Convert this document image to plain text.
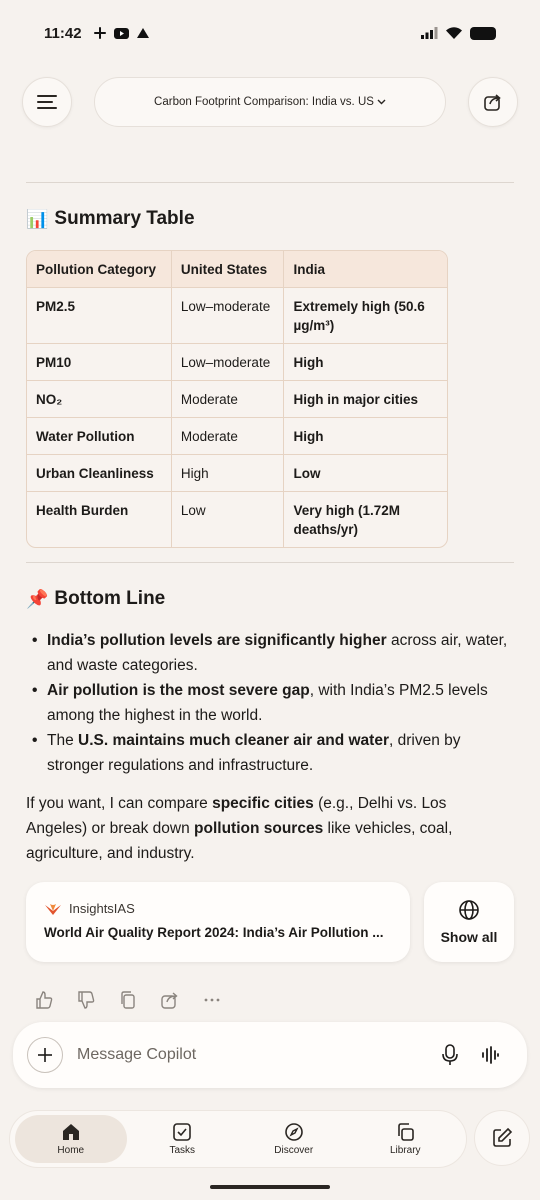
11:42
Carbon Footprint Comparison: India vs. US
📊 Summary Table
Pollution Category	United States	India
PM2.5	Low–moderate	Extremely high (50.6 µg/m³)
PM10	Low–moderate	High
NO₂	Moderate	High in major cities
Water Pollution	Moderate	High
Urban Cleanliness	High	Low
Health Burden	Low	Very high (1.72M deaths/yr)
📌 Bottom Line
• India’s pollution levels are significantly higher across air, water, and waste categories.
• Air pollution is the most severe gap, with India’s PM2.5 levels among the highest in the world.
• The U.S. maintains much cleaner air and water, driven by stronger regulations and infrastructure.

If you want, I can compare specific cities (e.g., Delhi vs. Los Angeles) or break down pollution sources like vehicles, coal, agriculture, and industry.

InsightsIAS
World Air Quality Report 2024: India’s Air Pollution ...	Show all
Message Copilot
Home	Tasks	Discover	Library
